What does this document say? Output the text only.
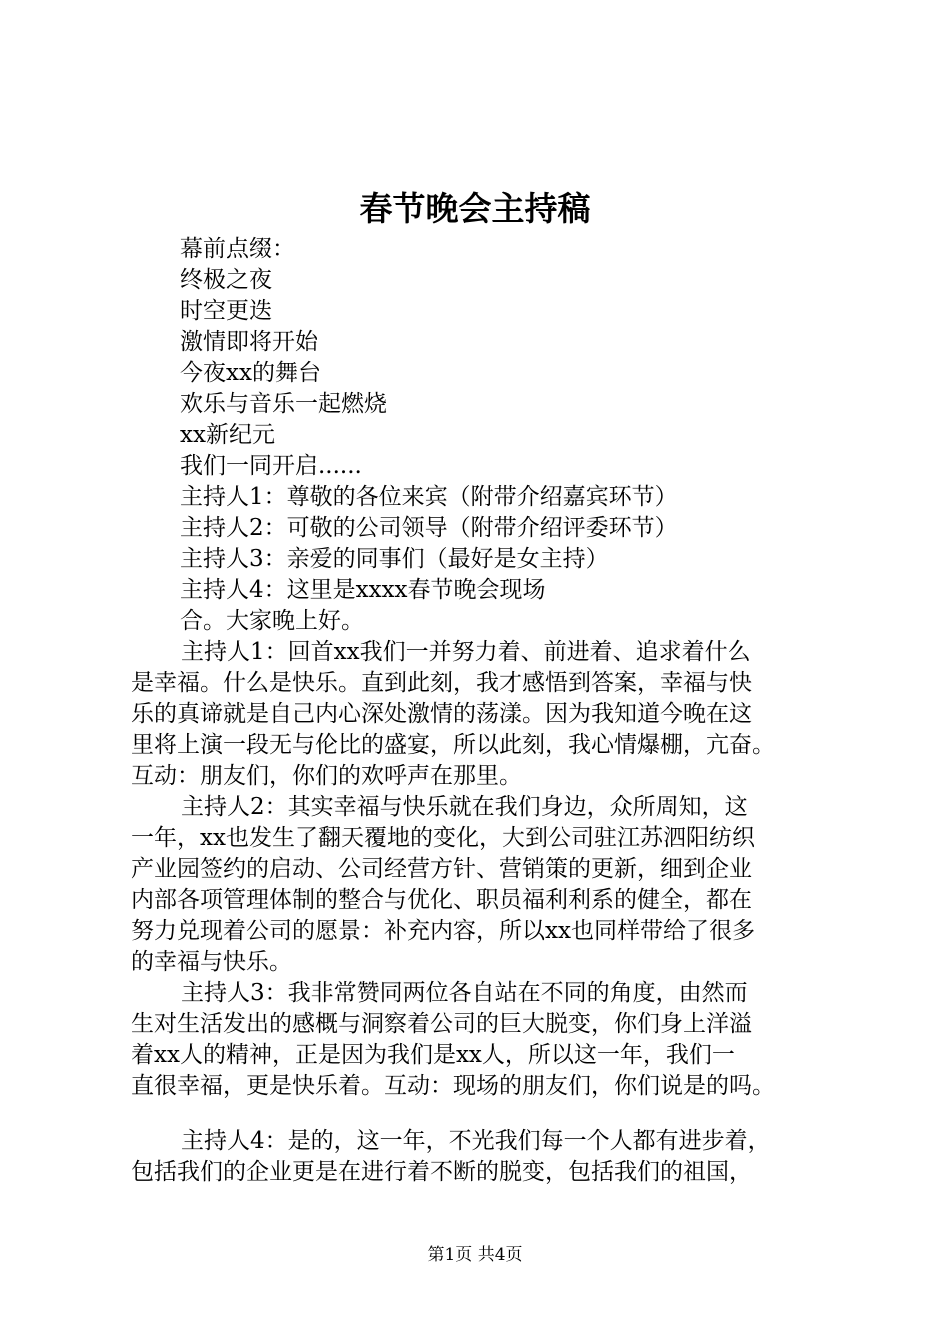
春节晚会主持稿
幕前点缀：
终极之夜
时空更迭
激情即将开始
今夜xx的舞台
欢乐与音乐一起燃烧
xx新纪元
我们一同开启......
主持人1：尊敬的各位来宾（附带介绍嘉宾环节）
主持人2：可敬的公司领导（附带介绍评委环节）
主持人3：亲爱的同事们（最好是女主持）
主持人4：这里是xxxx春节晚会现场
合。大家晚上好。
主持人1：回首xx我们一并努力着、前进着、追求着什么
是幸福。什么是快乐。直到此刻，我才感悟到答案，幸福与快
乐的真谛就是自己内心深处激情的荡漾。因为我知道今晚在这
里将上演一段无与伦比的盛宴，所以此刻，我心情爆棚，亢奋。
互动：朋友们，你们的欢呼声在那里。
主持人2：其实幸福与快乐就在我们身边，众所周知，这
一年，xx也发生了翻天覆地的变化，大到公司驻江苏泗阳纺织
产业园签约的启动、公司经营方针、营销策的更新，细到企业
内部各项管理体制的整合与优化、职员福利利系的健全，都在
努力兑现着公司的愿景：补充内容，所以xx也同样带给了很多
的幸福与快乐。
主持人3：我非常赞同两位各自站在不同的角度，由然而
生对生活发出的感概与洞察着公司的巨大脱变，你们身上洋溢
着xx人的精神，正是因为我们是xx人，所以这一年，我们一
直很幸福，更是快乐着。互动：现场的朋友们，你们说是的吗。
主持人4：是的，这一年，不光我们每一个人都有进步着，
包括我们的企业更是在进行着不断的脱变，包括我们的祖国，
第1页 共4页
